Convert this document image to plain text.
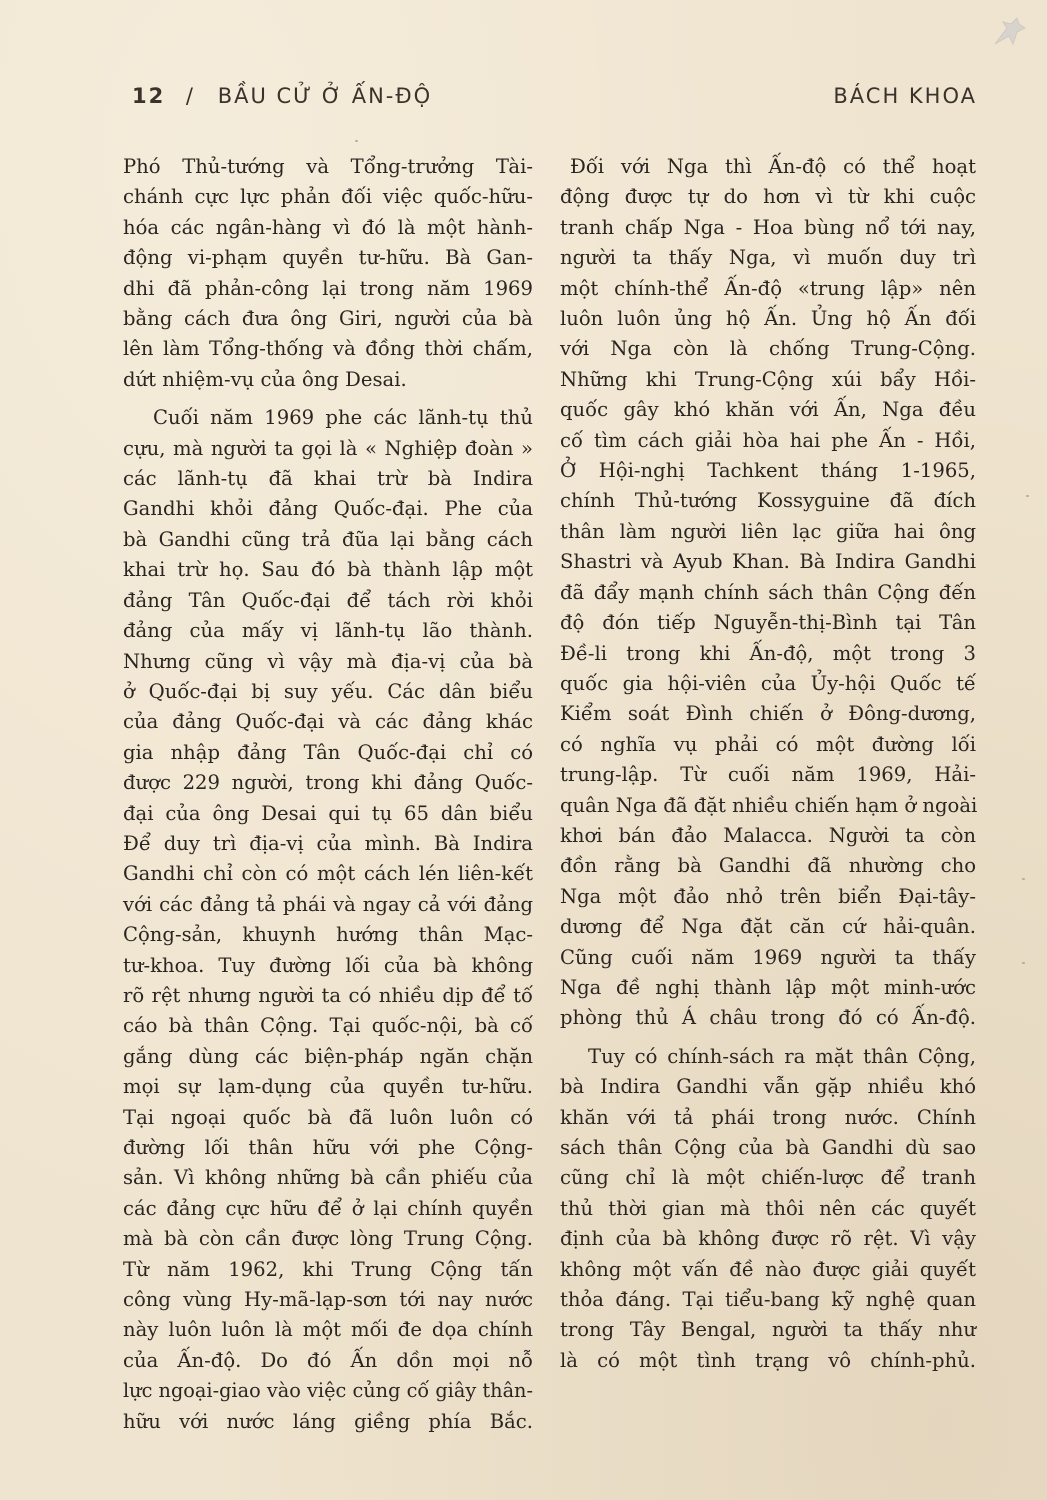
12 / BẦU CỬ Ở ẤN-ĐỘ	BÁCH KHOA

Phó Thủ-tướng và Tổng-trưởng Tài-
chánh cực lực phản đối việc quốc-hữu-
hóa các ngân-hàng vì đó là một hành-
động vi-phạm quyền tư-hữu. Bà Gan-
dhi đã phản-công lại trong năm 1969
bằng cách đưa ông Giri, người của bà
lên làm Tổng-thống và đồng thời chấm,
dứt nhiệm-vụ của ông Desai.

Cuối năm 1969 phe các lãnh-tụ thủ
cựu, mà người ta gọi là « Nghiệp đoàn »
các lãnh-tụ đã khai trừ bà Indira
Gandhi khỏi đảng Quốc-đại. Phe của
bà Gandhi cũng trả đũa lại bằng cách
khai trừ họ. Sau đó bà thành lập một
đảng Tân Quốc-đại để tách rời khỏi
đảng của mấy vị lãnh-tụ lão thành.
Nhưng cũng vì vậy mà địa-vị của bà
ở Quốc-đại bị suy yếu. Các dân biểu
của đảng Quốc-đại và các đảng khác
gia nhập đảng Tân Quốc-đại chỉ có
được 229 người, trong khi đảng Quốc-
đại của ông Desai qui tụ 65 dân biểu
Để duy trì địa-vị của mình. Bà Indira
Gandhi chỉ còn có một cách lén liên-kết
với các đảng tả phái và ngay cả với đảng
Cộng-sản, khuynh hướng thân Mạc-
tư-khoa. Tuy đường lối của bà không
rõ rệt nhưng người ta có nhiều dịp để tố
cáo bà thân Cộng. Tại quốc-nội, bà cố
gắng dùng các biện-pháp ngăn chặn
mọi sự lạm-dụng của quyền tư-hữu.
Tại ngoại quốc bà đã luôn luôn có
đường lối thân hữu với phe Cộng-
sản. Vì không những bà cần phiếu của
các đảng cực hữu để ở lại chính quyền
mà bà còn cần được lòng Trung Cộng.
Từ năm 1962, khi Trung Cộng tấn
công vùng Hy-mã-lạp-sơn tới nay nước
này luôn luôn là một mối đe dọa chính
của Ấn-độ. Do đó Ấn dồn mọi nỗ
lực ngoại-giao vào việc củng cố giây thân-
hữu với nước láng giềng phía Bắc.

Đối với Nga thì Ấn-độ có thể hoạt
động được tự do hơn vì từ khi cuộc
tranh chấp Nga - Hoa bùng nổ tới nay,
người ta thấy Nga, vì muốn duy trì
một chính-thể Ấn-độ «trung lập» nên
luôn luôn ủng hộ Ấn. Ủng hộ Ấn đối
với Nga còn là chống Trung-Cộng.
Những khi Trung-Cộng xúi bẩy Hồi-
quốc gây khó khăn với Ấn, Nga đều
cố tìm cách giải hòa hai phe Ấn - Hồi,
Ở Hội-nghị Tachkent tháng 1-1965,
chính Thủ-tướng Kossyguine đã đích
thân làm người liên lạc giữa hai ông
Shastri và Ayub Khan. Bà Indira Gandhi
đã đẩy mạnh chính sách thân Cộng đến
độ đón tiếp Nguyễn-thị-Bình tại Tân
Đề-li trong khi Ấn-độ, một trong 3
quốc gia hội-viên của Ủy-hội Quốc tế
Kiểm soát Đình chiến ở Đông-dương,
có nghĩa vụ phải có một đường lối
trung-lập. Từ cuối năm 1969, Hải-
quân Nga đã đặt nhiều chiến hạm ở ngoài
khơi bán đảo Malacca. Người ta còn
đồn rằng bà Gandhi đã nhường cho
Nga một đảo nhỏ trên biển Đại-tây-
dương để Nga đặt căn cứ hải-quân.
Cũng cuối năm 1969 người ta thấy
Nga đề nghị thành lập một minh-ước
phòng thủ Á châu trong đó có Ấn-độ.

Tuy có chính-sách ra mặt thân Cộng,
bà Indira Gandhi vẫn gặp nhiều khó
khăn với tả phái trong nước. Chính
sách thân Cộng của bà Gandhi dù sao
cũng chỉ là một chiến-lược để tranh
thủ thời gian mà thôi nên các quyết
định của bà không được rõ rệt. Vì vậy
không một vấn đề nào được giải quyết
thỏa đáng. Tại tiểu-bang kỹ nghệ quan
trong Tây Bengal, người ta thấy như
là có một tình trạng vô chính-phủ.
